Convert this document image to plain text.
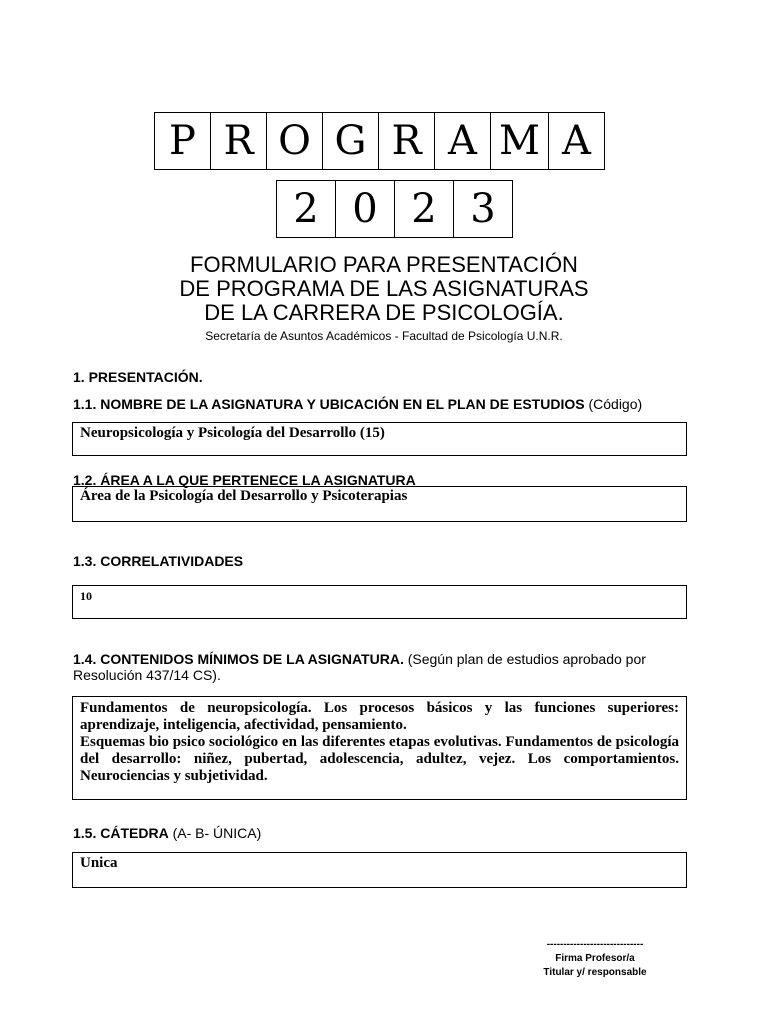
P R O G R A M A
2 0 2 3
FORMULARIO PARA PRESENTACIÓN
DE PROGRAMA DE LAS ASIGNATURAS
DE LA CARRERA DE PSICOLOGÍA.
Secretaría de Asuntos Académicos - Facultad de Psicología U.N.R.
1. PRESENTACIÓN.
1.1. NOMBRE DE LA ASIGNATURA Y UBICACIÓN EN EL PLAN DE ESTUDIOS (Código)
Neuropsicología y Psicología del Desarrollo (15)
1.2. ÁREA A LA QUE PERTENECE LA ASIGNATURA
Área de la Psicología del Desarrollo y Psicoterapias
1.3. CORRELATIVIDADES
10
1.4. CONTENIDOS MÍNIMOS DE LA ASIGNATURA. (Según plan de estudios aprobado por
Resolución 437/14 CS).

Fundamentos de neuropsicología. Los procesos básicos y las funciones superiores: aprendizaje, inteligencia, afectividad, pensamiento.

Esquemas bio psico sociológico en las diferentes etapas evolutivas. Fundamentos de psicología del desarrollo: niñez, pubertad, adolescencia, adultez, vejez. Los comportamientos. Neurociencias y subjetividad.

1.5. CÁTEDRA (A- B- ÚNICA)
Unica
-----------------------------
Firma Profesor/a
Titular y/ responsable
